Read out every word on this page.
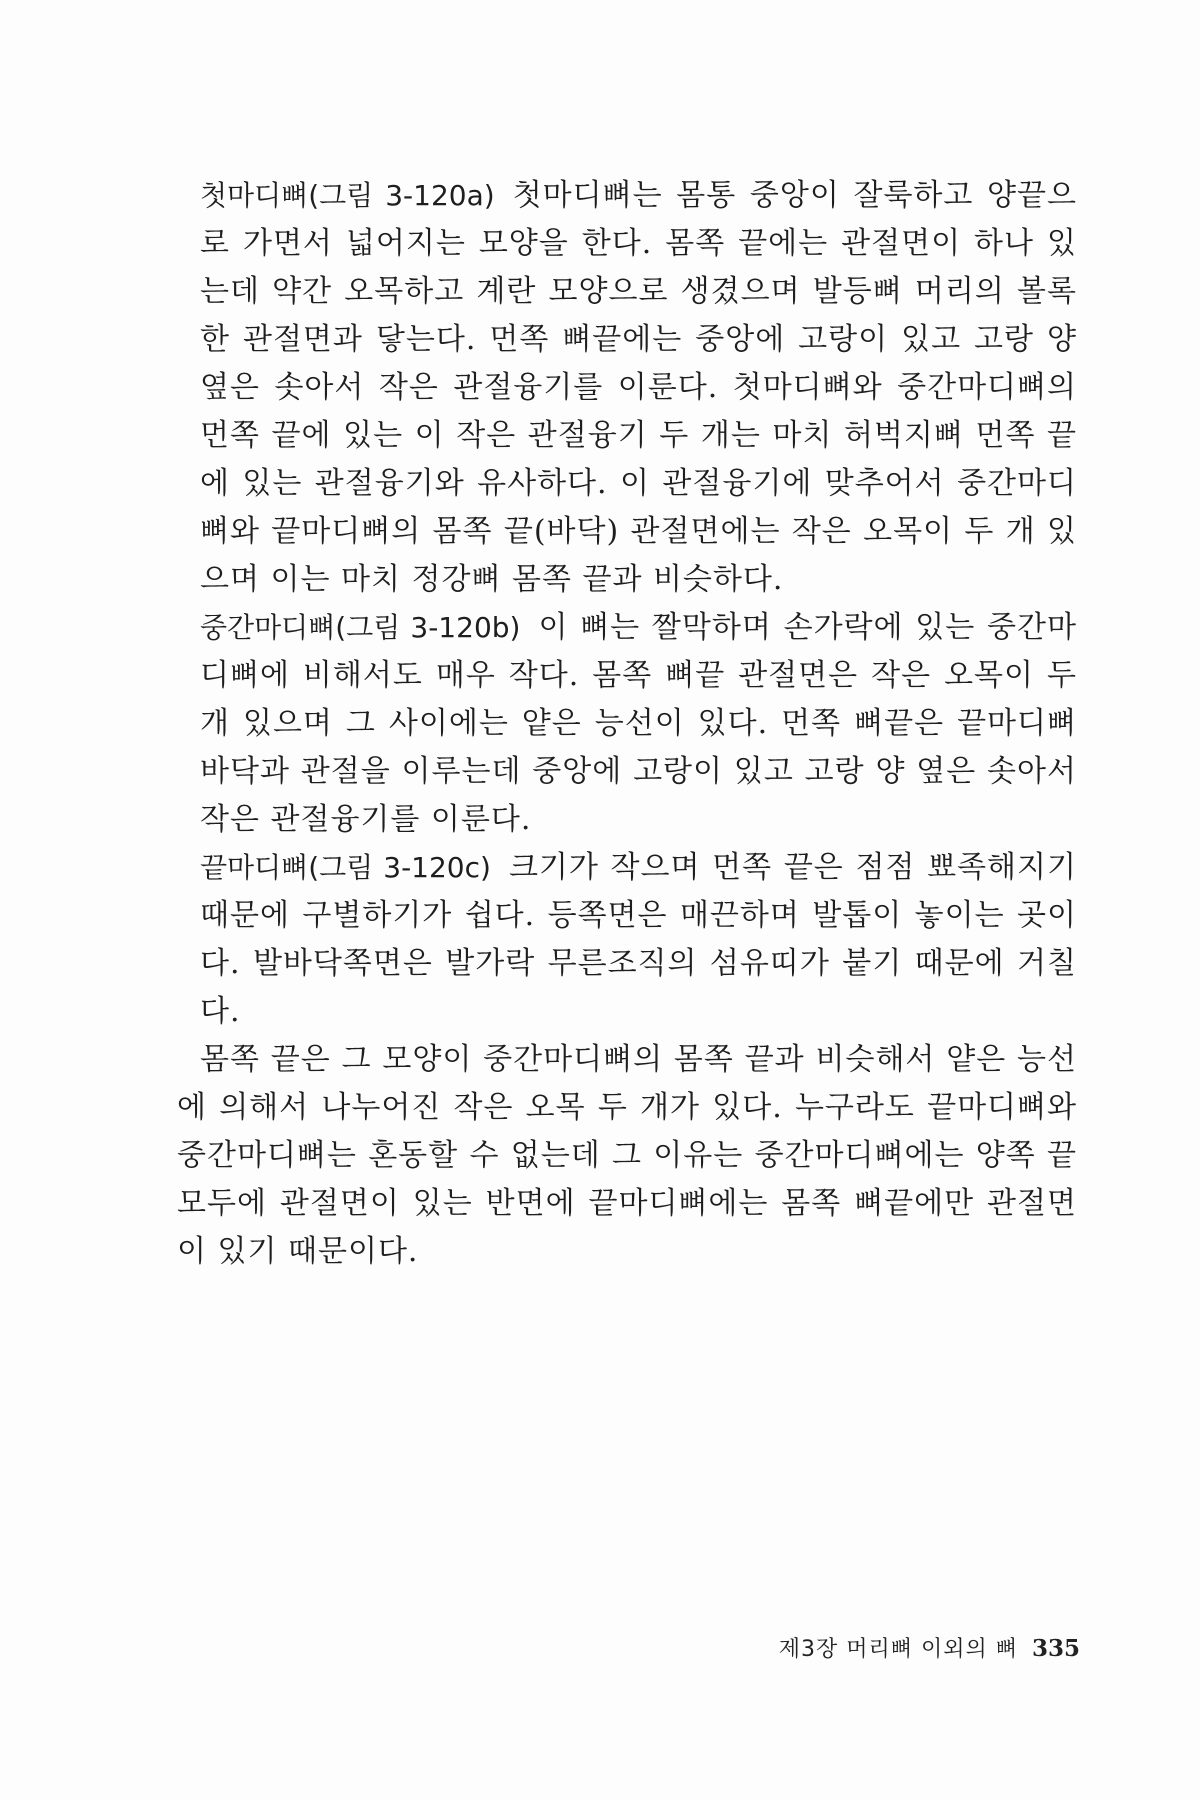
첫마디뼈(그림 3-120a) 첫마디뼈는 몸통 중앙이 잘룩하고 양끝으로 가면서 넓어지는 모양을 한다. 몸쪽 끝에는 관절면이 하나 있는데 약간 오목하고 계란 모양으로 생겼으며 발등뼈 머리의 볼록한 관절면과 닿는다. 먼쪽 뼈끝에는 중앙에 고랑이 있고 고랑 양옆은 솟아서 작은 관절융기를 이룬다. 첫마디뼈와 중간마디뼈의 먼쪽 끝에 있는 이 작은 관절융기 두 개는 마치 허벅지뼈 먼쪽 끝에 있는 관절융기와 유사하다. 이 관절융기에 맞추어서 중간마디뼈와 끝마디뼈의 몸쪽 끝(바닥) 관절면에는 작은 오목이 두 개 있으며 이는 마치 정강뼈 몸쪽 끝과 비슷하다.

중간마디뼈(그림 3-120b) 이 뼈는 짤막하며 손가락에 있는 중간마디뼈에 비해서도 매우 작다. 몸쪽 뼈끝 관절면은 작은 오목이 두 개 있으며 그 사이에는 얕은 능선이 있다. 먼쪽 뼈끝은 끝마디뼈 바닥과 관절을 이루는데 중앙에 고랑이 있고 고랑 양 옆은 솟아서 작은 관절융기를 이룬다.

끝마디뼈(그림 3-120c) 크기가 작으며 먼쪽 끝은 점점 뾰족해지기 때문에 구별하기가 쉽다. 등쪽면은 매끈하며 발톱이 놓이는 곳이다. 발바닥쪽면은 발가락 무른조직의 섬유띠가 붙기 때문에 거칠다.

몸쪽 끝은 그 모양이 중간마디뼈의 몸쪽 끝과 비슷해서 얕은 능선에 의해서 나누어진 작은 오목 두 개가 있다. 누구라도 끝마디뼈와 중간마디뼈는 혼동할 수 없는데 그 이유는 중간마디뼈에는 양쪽 끝 모두에 관절면이 있는 반면에 끝마디뼈에는 몸쪽 뼈끝에만 관절면이 있기 때문이다.

제3장 머리뼈 이외의 뼈 335
